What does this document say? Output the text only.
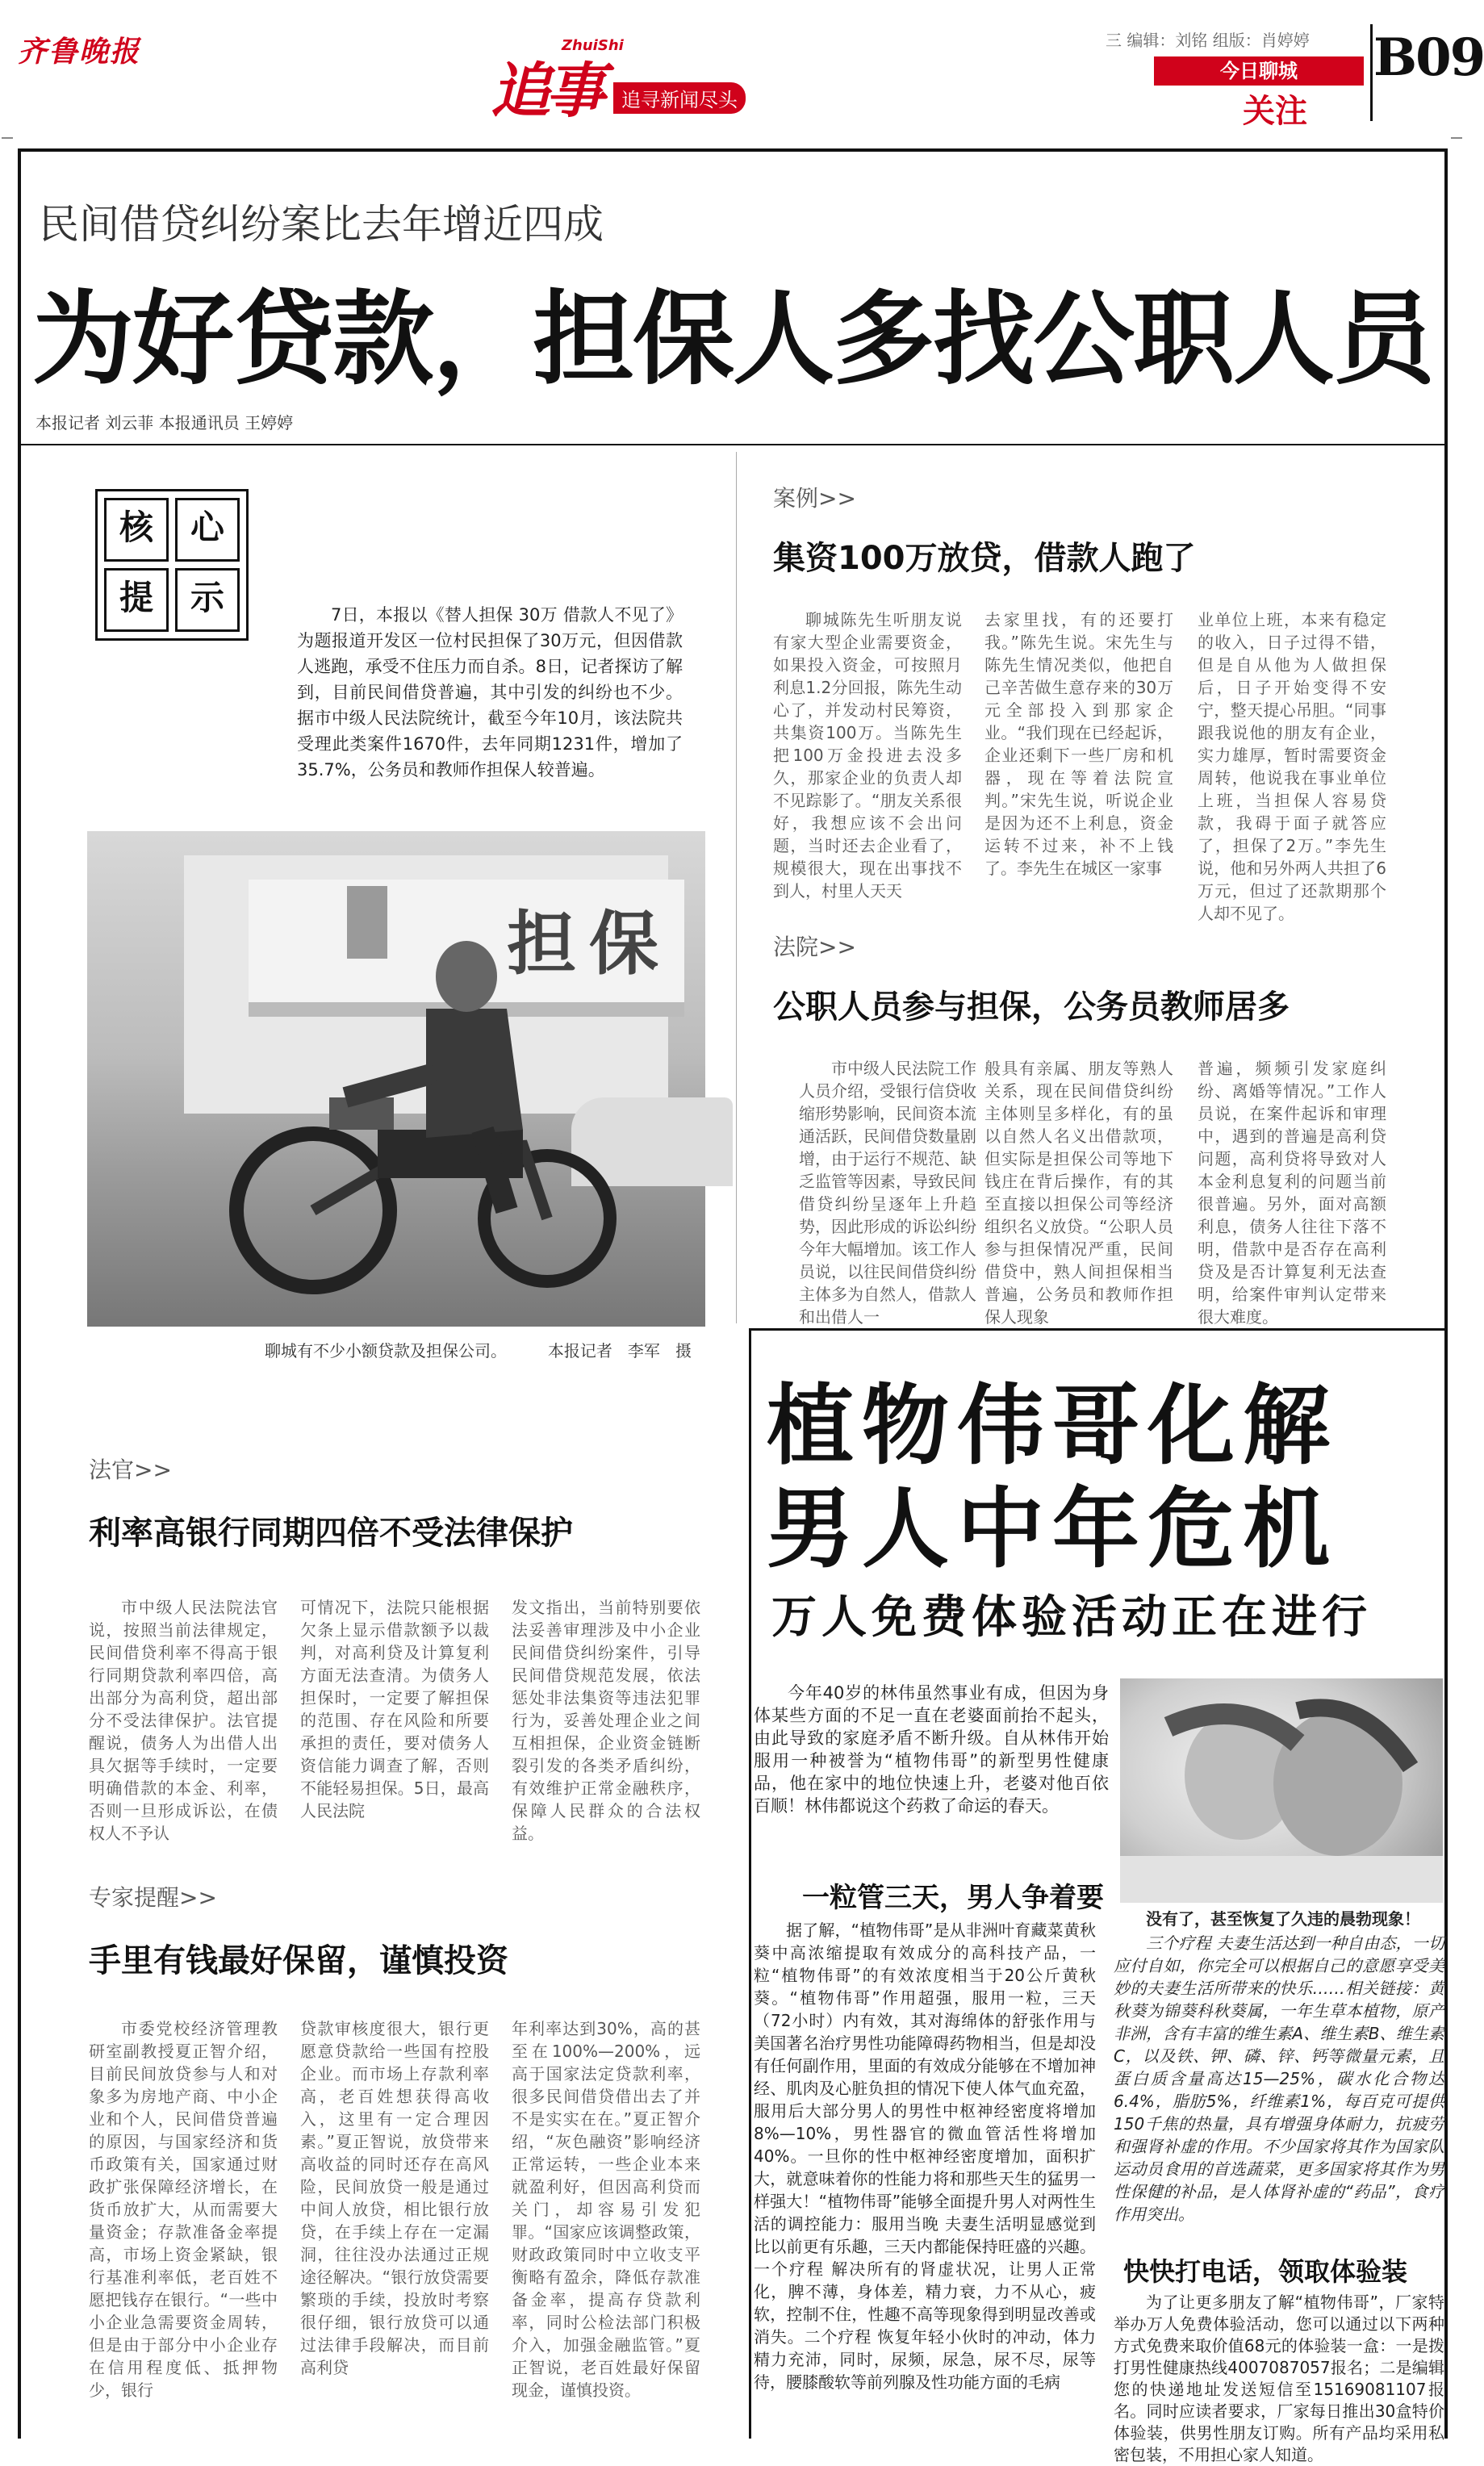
齐鲁晚报	ZhuiShi
追事	追寻新闻尽头
三 编辑：刘铭 组版：肖婷婷
今日聊城
关注
B09
民间借贷纠纷案比去年增近四成
为好贷款，担保人多找公职人员
本报记者 刘云菲 本报通讯员 王婷婷
核	心
提	示	7日，本报以《替人担保 30万 借款人不见了》为题报道开发区一位村民担保了30万元，但因借款人逃跑，承受不住压力而自杀。8日，记者探访了解到，目前民间借贷普遍，其中引发的纠纷也不少。据市中级人民法院统计，截至今年10月，该法院共受理此类案件1670件，去年同期1231件，增加了35.7%，公务员和教师作担保人较普遍。
担保
聊城有不少小额贷款及担保公司。        本报记者   李军   摄
案例>>
集资100万放贷，借款人跑了
聊城陈先生听朋友说有家大型企业需要资金，如果投入资金，可按照月利息1.2分回报，陈先生动心了，并发动村民筹资，共集资100万。当陈先生把100万金投进去没多久，那家企业的负责人却不见踪影了。“朋友关系很好，我想应该不会出问题，当时还去企业看了，规模很大，现在出事找不到人，村里人天天
去家里找，有的还要打我。”陈先生说。宋先生与陈先生情况类似，他把自己辛苦做生意存来的30万元全部投入到那家企业。“我们现在已经起诉，企业还剩下一些厂房和机器，现在等着法院宣判。”宋先生说，听说企业是因为还不上利息，资金运转不过来，补不上钱了。李先生在城区一家事
业单位上班，本来有稳定的收入，日子过得不错，但是自从他为人做担保后，日子开始变得不安宁，整天提心吊胆。“同事跟我说他的朋友有企业，实力雄厚，暂时需要资金周转，他说我在事业单位上班，当担保人容易贷款，我碍于面子就答应了，担保了2万。”李先生说，他和另外两人共担了6万元，但过了还款期那个人却不见了。
法院>>
公职人员参与担保，公务员教师居多
市中级人民法院工作人员介绍，受银行信贷收缩形势影响，民间资本流通活跃，民间借贷数量剧增，由于运行不规范、缺乏监管等因素，导致民间借贷纠纷呈逐年上升趋势，因此形成的诉讼纠纷今年大幅增加。该工作人员说，以往民间借贷纠纷主体多为自然人，借款人和出借人一
般具有亲属、朋友等熟人关系，现在民间借贷纠纷主体则呈多样化，有的虽以自然人名义出借款项，但实际是担保公司等地下钱庄在背后操作，有的其至直接以担保公司等经济组织名义放贷。“公职人员参与担保情况严重，民间借贷中，熟人间担保相当普遍，公务员和教师作担保人现象
普遍，频频引发家庭纠纷、离婚等情况。”工作人员说，在案件起诉和审理中，遇到的普遍是高利贷问题，高利贷将导致对人本金利息复利的问题当前很普遍。另外，面对高额利息，债务人往往下落不明，借款中是否存在高利贷及是否计算复利无法查明，给案件审判认定带来很大难度。
法官>>
利率高银行同期四倍不受法律保护
市中级人民法院法官说，按照当前法律规定，民间借贷利率不得高于银行同期贷款利率四倍，高出部分为高利贷，超出部分不受法律保护。法官提醒说，债务人为出借人出具欠据等手续时，一定要明确借款的本金、利率，否则一旦形成诉讼，在债权人不予认
可情况下，法院只能根据欠条上显示借款额予以裁判，对高利贷及计算复利方面无法查清。为债务人担保时，一定要了解担保的范围、存在风险和所要承担的责任，要对债务人资信能力调查了解，否则不能轻易担保。5日，最高人民法院
发文指出，当前特别要依法妥善审理涉及中小企业民间借贷纠纷案件，引导民间借贷规范发展，依法惩处非法集资等违法犯罪行为，妥善处理企业之间互相担保，企业资金链断裂引发的各类矛盾纠纷，有效维护正常金融秩序，保障人民群众的合法权益。
专家提醒>>
手里有钱最好保留，谨慎投资
市委党校经济管理教研室副教授夏正智介绍，目前民间放贷参与人和对象多为房地产商、中小企业和个人，民间借贷普遍的原因，与国家经济和货币政策有关，国家通过财政扩张保障经济增长，在货币放扩大，从而需要大量资金；存款准备金率提高，市场上资金紧缺，银行基准利率低，老百姓不愿把钱存在银行。“一些中小企业急需要资金周转，但是由于部分中小企业存在信用程度低、抵押物少，银行
贷款审核度很大，银行更愿意贷款给一些国有控股企业。而市场上存款利率高，老百姓想获得高收入，这里有一定合理因素。”夏正智说，放贷带来高收益的同时还存在高风险，民间放贷一般是通过中间人放贷，相比银行放贷，在手续上存在一定漏洞，往往没办法通过正规途径解决。“银行放贷需要繁琐的手续，投放时考察很仔细，银行放贷可以通过法律手段解决，而目前高利贷
年利率达到30%，高的甚至在100%—200%，远高于国家法定贷款利率，很多民间借贷借出去了并不是实实在在。”夏正智介绍，“灰色融资”影响经济正常运转，一些企业本来就盈利好，但因高利贷而关门，却容易引发犯罪。“国家应该调整政策，财政政策同时中立收支平衡略有盈余，降低存款准备金率，提高存贷款利率，同时公检法部门积极介入，加强金融监管。”夏正智说，老百姓最好保留现金，谨慎投资。
植物伟哥化解
男人中年危机
万人免费体验活动正在进行
今年40岁的林伟虽然事业有成，但因为身体某些方面的不足一直在老婆面前抬不起头，由此导致的家庭矛盾不断升级。自从林伟开始服用一种被誉为“植物伟哥”的新型男性健康品，他在家中的地位快速上升，老婆对他百依百顺！林伟都说这个药救了命运的春天。
没有了，甚至恢复了久违的晨勃现象！
一粒管三天，男人争着要
据了解，“植物伟哥”是从非洲叶育藏菜黄秋葵中高浓缩提取有效成分的高科技产品，一粒“植物伟哥”的有效浓度相当于20公斤黄秋葵。“植物伟哥”作用超强，服用一粒，三天（72小时）内有效，其对海绵体的舒张作用与美国著名治疗男性功能障碍药物相当，但是却没有任何副作用，里面的有效成分能够在不增加神经、肌肉及心脏负担的情况下使人体气血充盈，服用后大部分男人的男性中枢神经密度将增加8%—10%，男性器官的微血管活性将增加40%。一旦你的性中枢神经密度增加，面积扩大，就意味着你的性能力将和那些天生的猛男一样强大！“植物伟哥”能够全面提升男人对两性生活的调控能力：服用当晚 夫妻生活明显感觉到比以前更有乐趣，三天内都能保持旺盛的兴趣。一个疗程 解决所有的肾虚状况，让男人正常化，脾不薄，身体差，精力衰，力不从心，疲软，控制不住，性趣不高等现象得到明显改善或消失。二个疗程 恢复年轻小伙时的冲动，体力精力充沛，同时，尿频，尿急，尿不尽，尿等待，腰膝酸软等前列腺及性功能方面的毛病
三个疗程 夫妻生活达到一种自由态，一切应付自如，你完全可以根据自己的意愿享受美妙的夫妻生活所带来的快乐……相关链接：黄秋葵为锦葵科秋葵属，一年生草本植物，原产非洲，含有丰富的维生素A、维生素B、维生素C，以及铁、钾、磷、锌、钙等微量元素，且蛋白质含量高达15—25%，碳水化合物达6.4%，脂肪5%，纤维素1%，每百克可提供150千焦的热量，具有增强身体耐力，抗疲劳和强肾补虚的作用。不少国家将其作为国家队运动员食用的首选蔬菜，更多国家将其作为男性保健的补品，是人体肾补虚的“药品”，食疗作用突出。
快快打电话，领取体验装
为了让更多朋友了解“植物伟哥”，厂家特举办万人免费体验活动，您可以通过以下两种方式免费来取价值68元的体验装一盒：一是拨打男性健康热线4007087057报名；二是编辑您的快递地址发送短信至15169081107报名。同时应读者要求，厂家每日推出30盒特价体验装，供男性朋友订购。所有产品均采用私密包装，不用担心家人知道。
